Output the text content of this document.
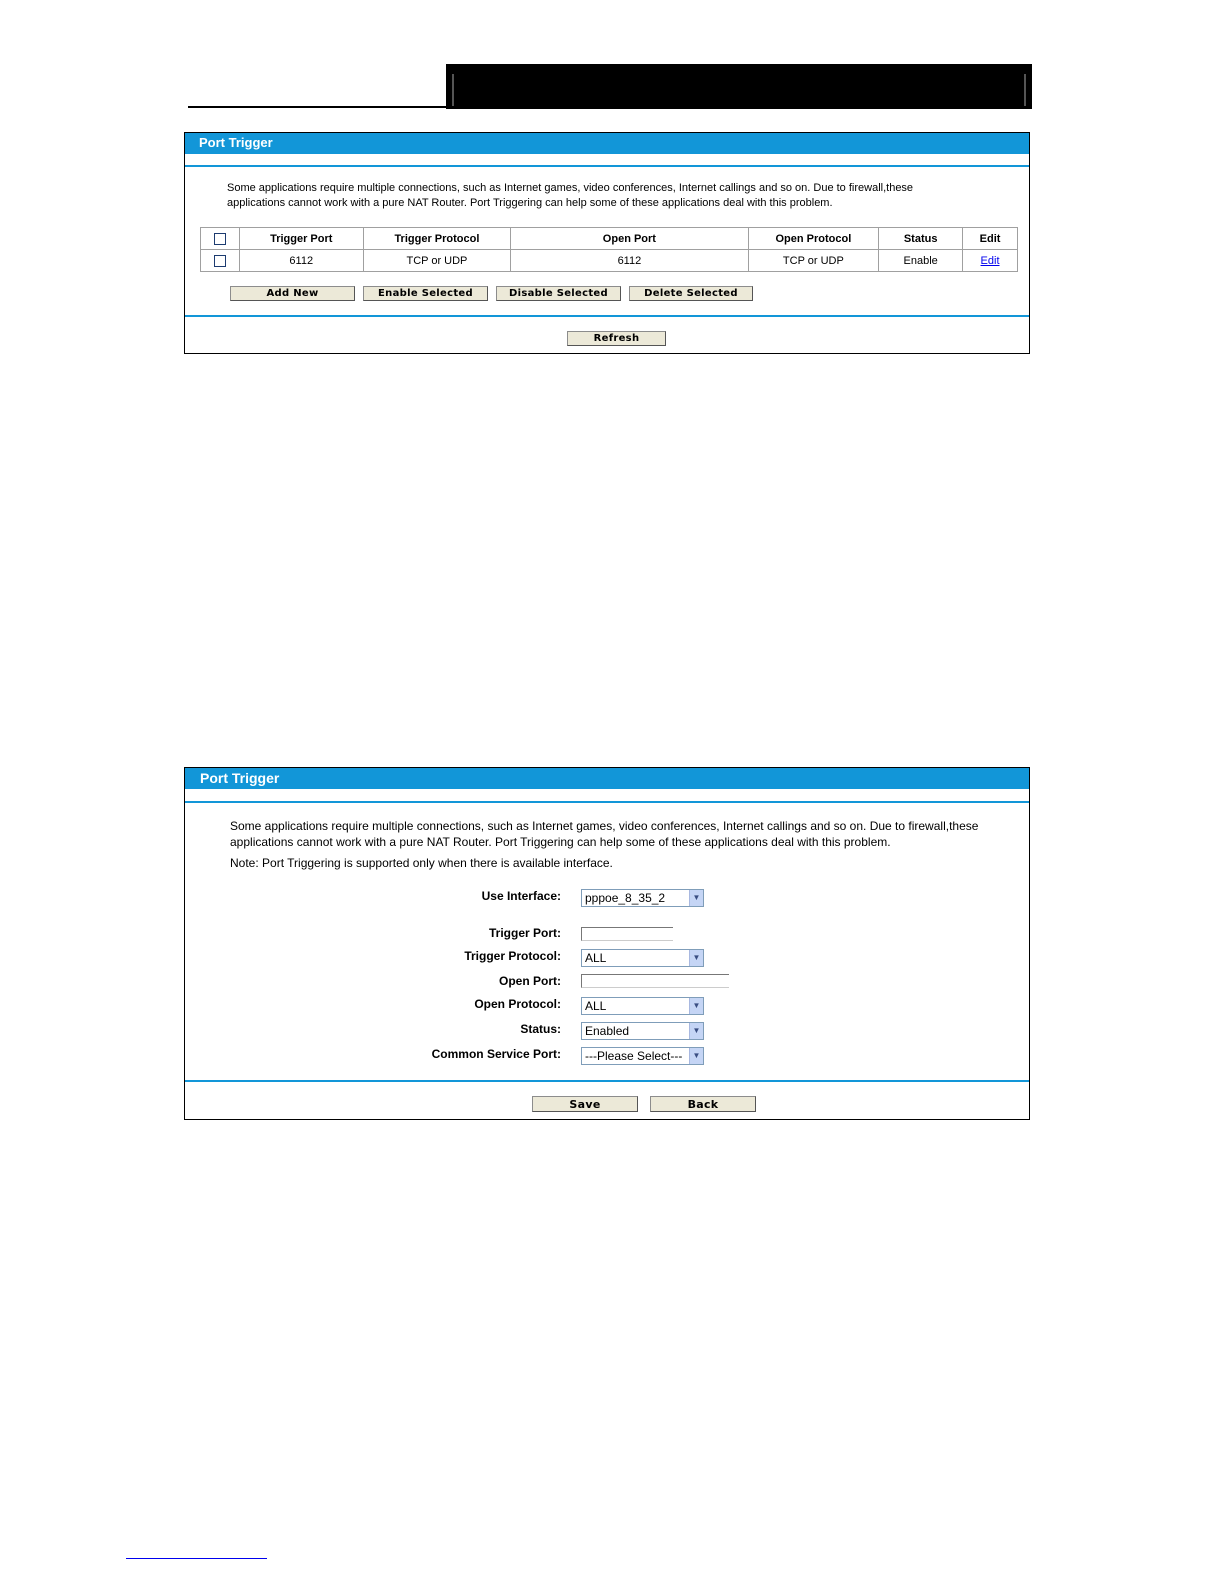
Port Trigger
Some applications require multiple connections, such as Internet games, video conferences, Internet callings and so on. Due to firewall,these
applications cannot work with a pure NAT Router. Port Triggering can help some of these applications deal with this problem.
	Trigger Port	Trigger Protocol	Open Port	Open Protocol	Status	Edit
	6112	TCP or UDP	6112	TCP or UDP	Enable	Edit
Add New	Enable Selected	Disable Selected	Delete Selected
Refresh
Port Trigger
Some applications require multiple connections, such as Internet games, video conferences, Internet callings and so on. Due to firewall,these
applications cannot work with a pure NAT Router. Port Triggering can help some of these applications deal with this problem.
Note: Port Triggering is supported only when there is available interface.
Use Interface:	pppoe_8_35_2	▼
Trigger Port:
Trigger Protocol:	ALL	▼
Open Port:
Open Protocol:	ALL	▼
Status:	Enabled	▼
Common Service Port:	---Please Select---	▼
Save	Back
